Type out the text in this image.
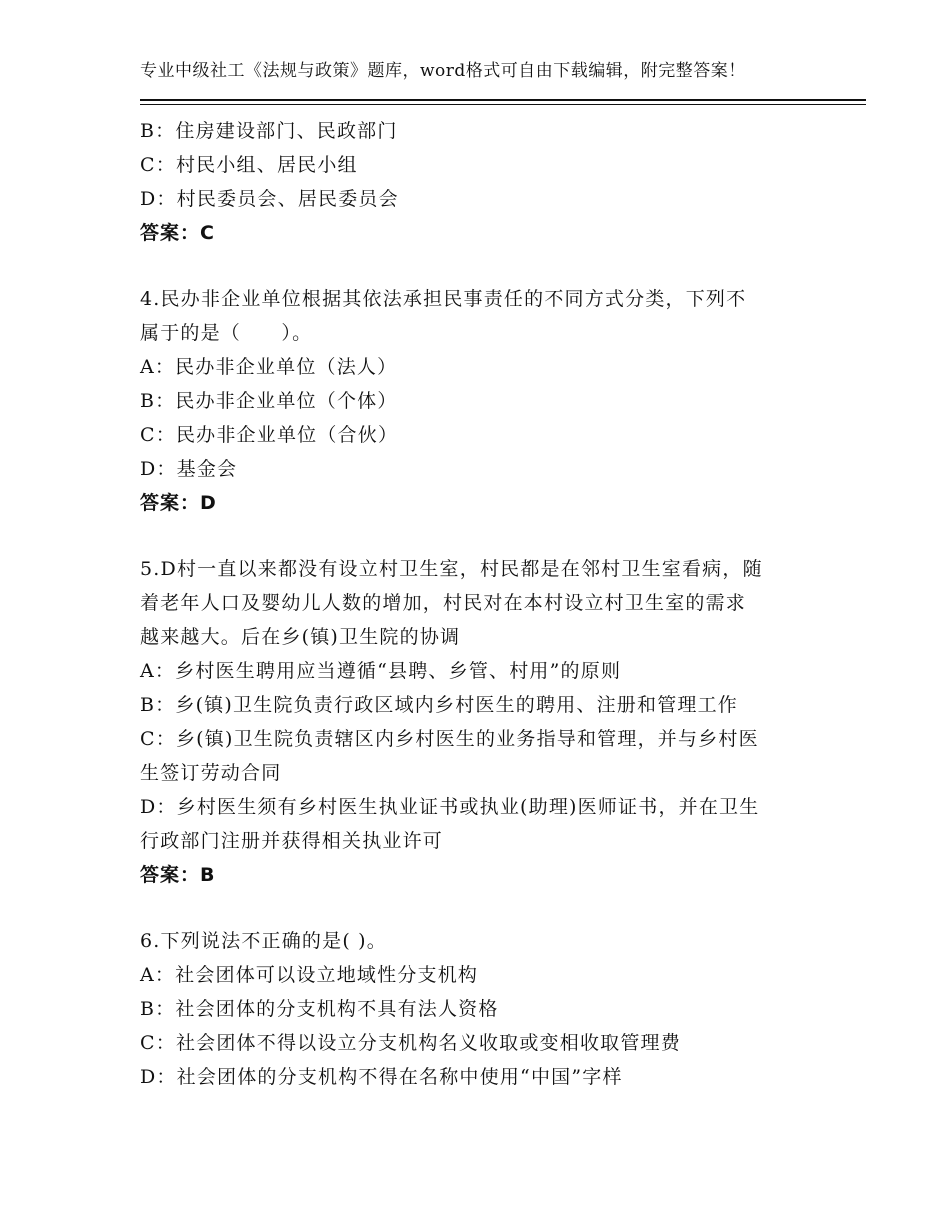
专业中级社工《法规与政策》题库，word格式可自由下载编辑，附完整答案！
B：住房建设部门、民政部门
C：村民小组、居民小组
D：村民委员会、居民委员会
答案：C
4.民办非企业单位根据其依法承担民事责任的不同方式分类，下列不
属于的是（　　）。
A：民办非企业单位（法人）
B：民办非企业单位（个体）
C：民办非企业单位（合伙）
D：基金会
答案：D
5.D村一直以来都没有设立村卫生室，村民都是在邻村卫生室看病，随
着老年人口及婴幼儿人数的增加，村民对在本村设立村卫生室的需求
越来越大。后在乡(镇)卫生院的协调
A：乡村医生聘用应当遵循“县聘、乡管、村用”的原则
B：乡(镇)卫生院负责行政区域内乡村医生的聘用、注册和管理工作
C：乡(镇)卫生院负责辖区内乡村医生的业务指导和管理，并与乡村医
生签订劳动合同
D：乡村医生须有乡村医生执业证书或执业(助理)医师证书，并在卫生
行政部门注册并获得相关执业许可
答案：B
6.下列说法不正确的是( )。
A：社会团体可以设立地域性分支机构
B：社会团体的分支机构不具有法人资格
C：社会团体不得以设立分支机构名义收取或变相收取管理费
D：社会团体的分支机构不得在名称中使用“中国”字样
